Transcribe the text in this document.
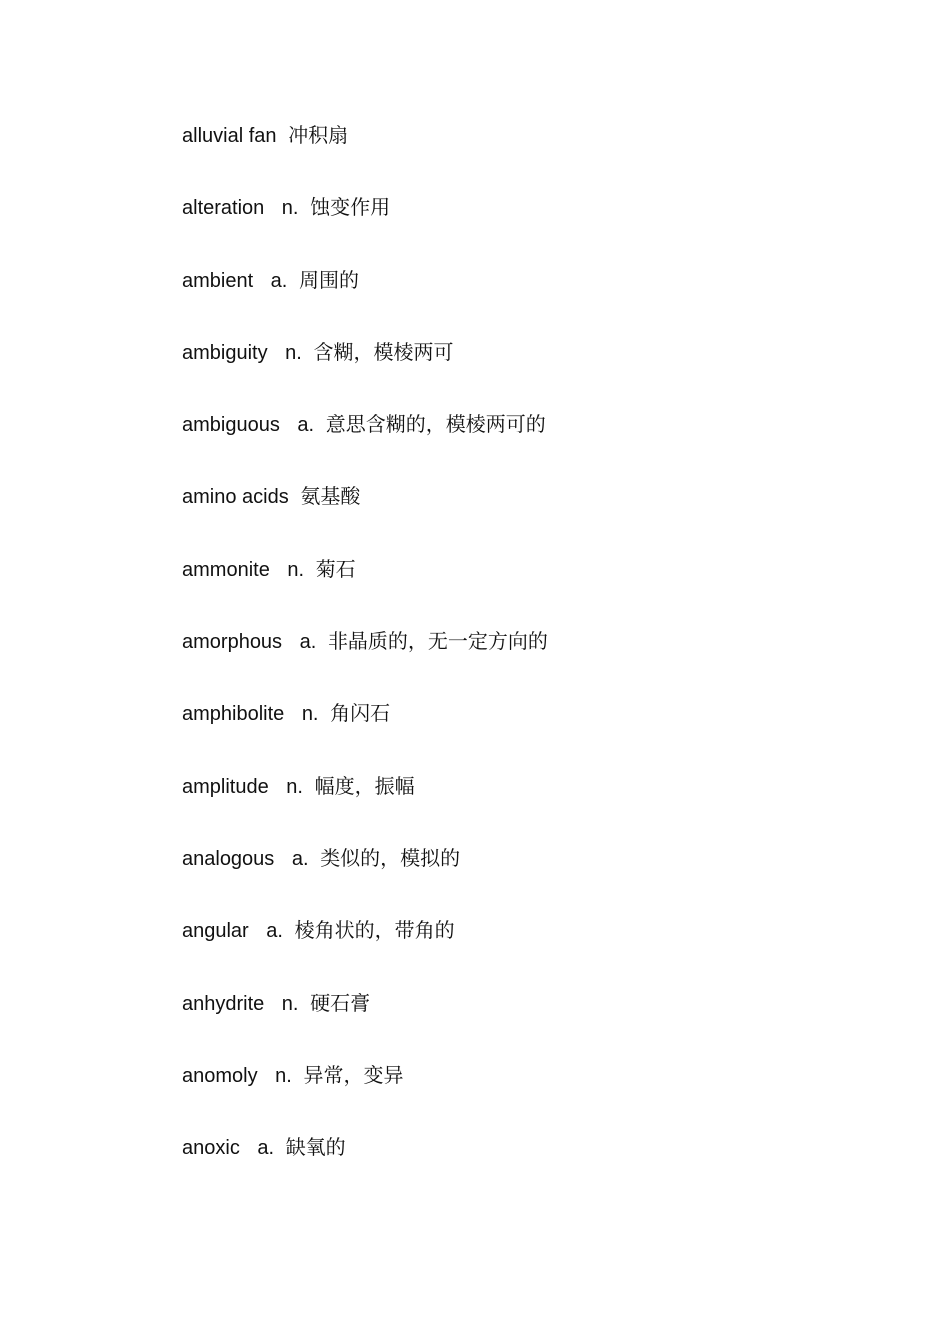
alluvial fan 冲积扇
alteration n. 蚀变作用
ambient a. 周围的
ambiguity n. 含糊，模棱两可
ambiguous a. 意思含糊的，模棱两可的
amino acids 氨基酸
ammonite n. 菊石
amorphous a. 非晶质的，无一定方向的
amphibolite n. 角闪石
amplitude n. 幅度，振幅
analogous a. 类似的，模拟的
angular a. 棱角状的，带角的
anhydrite n. 硬石膏
anomoly n. 异常，变异
anoxic a. 缺氧的
